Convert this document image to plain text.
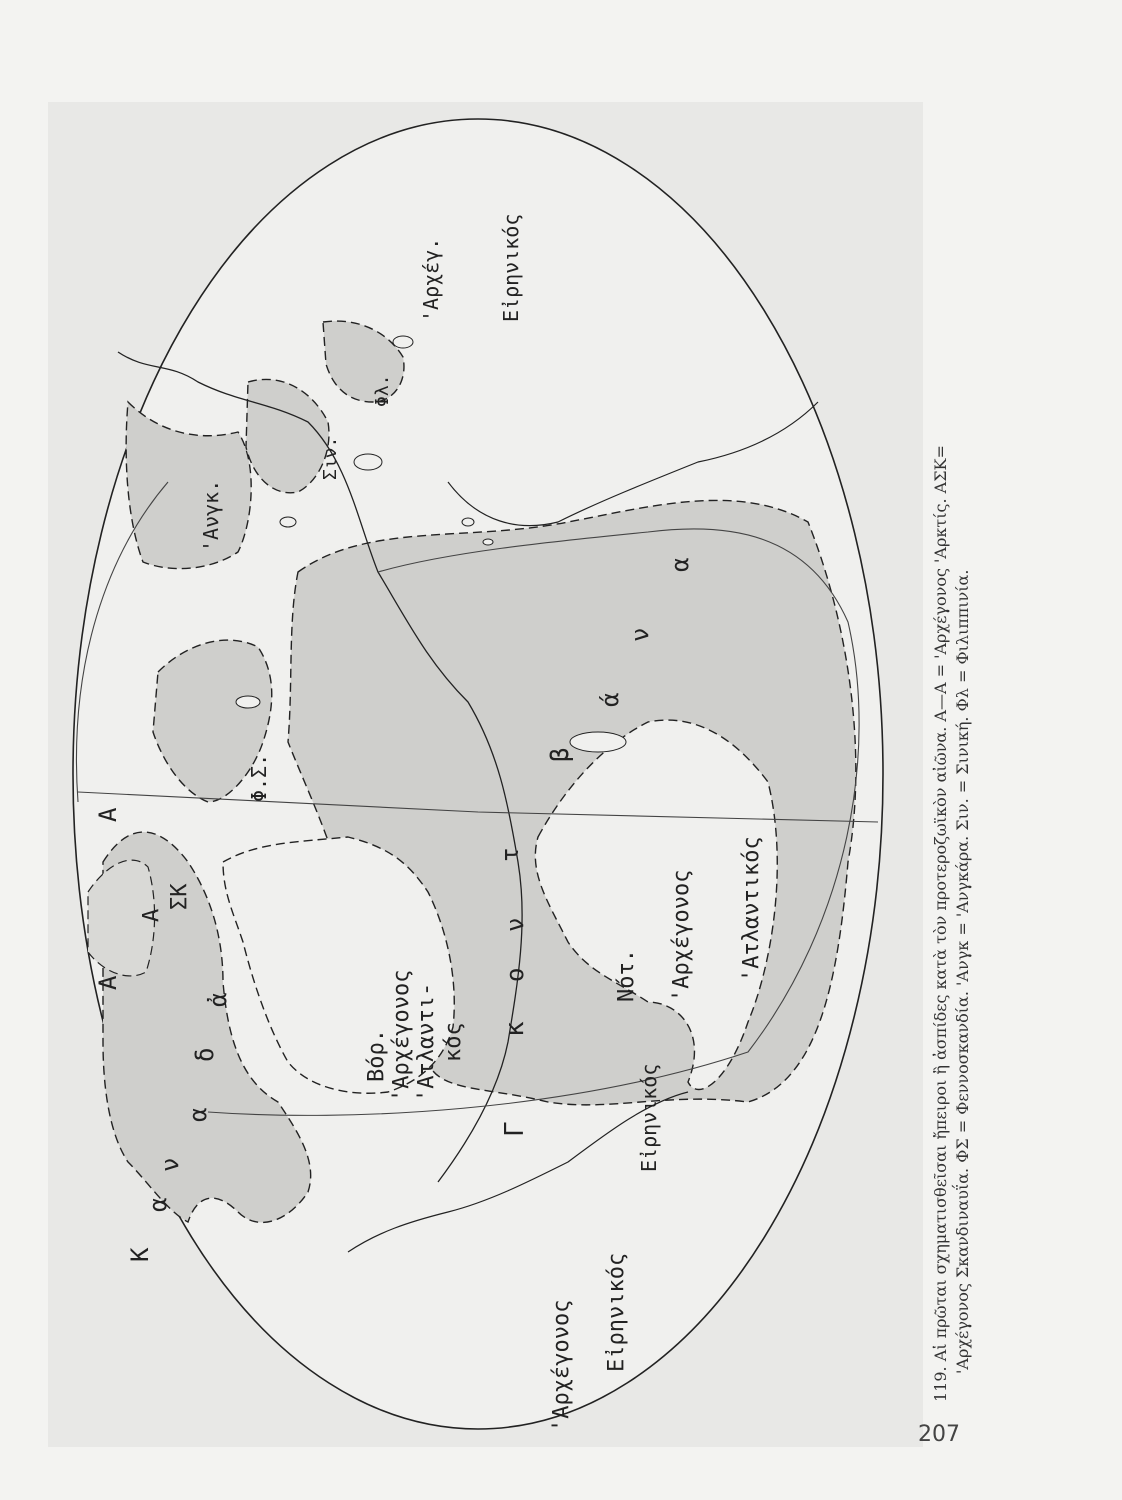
'Αρχέγονος Εἰρηνικός
Εἰρηνικός
'Αρχέγ.	Εἰρηνικός
Βόρ. 'Αρχέγονος 'Ατλαντι- κός
Νότ. 'Αρχέγονος 'Ατλαντικός
Κ
α
ν
α
δ
ἀ
Γ
κ
ο
ν
τ
β
ά
ν
α
Α
Α
Α
ΣΚ
Φ.Σ.
'Ανγκ.
Σιν.
Φλ.
119. Αἱ πρῶται σχηματισθεῖσαι ἤπειροι ἢ ἀσπίδες κατὰ τὸν προτεροζωϊκὸν αἰῶνα. Α—Α = 'Αρχέγονος 'Αρκτίς. ΑΣΚ= 'Αρχέγονος Σκανδιναυΐα. ΦΣ = Φεννοσκανδία. 'Ανγκ = 'Ανγκάρα. Σιν. = Σινική. Φλ = Φιλιππινία.
207
